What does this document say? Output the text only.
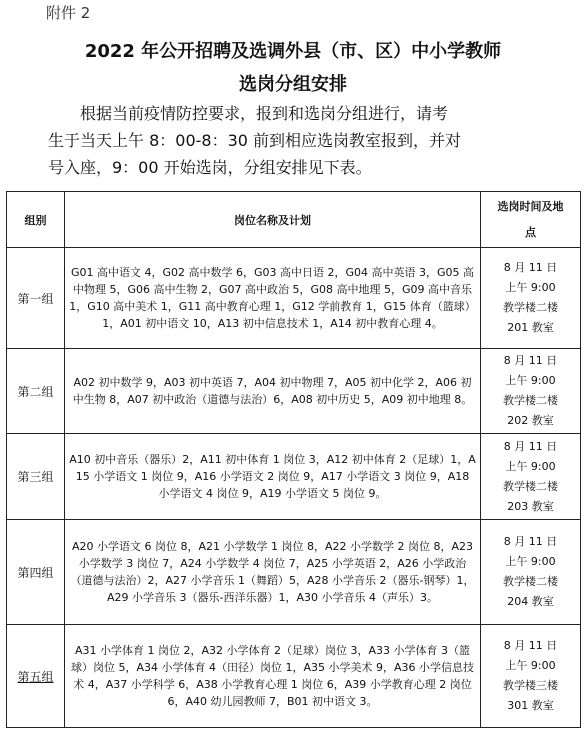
附件 2
2022 年公开招聘及选调外县（市、区）中小学教师
选岗分组安排
根据当前疫情防控要求，报到和选岗分组进行，请考
生于当天上午 8：00-8：30 前到相应选岗教室报到，并对
号入座，9：00 开始选岗，分组安排见下表。
组别	岗位名称及计划	选岗时间及地
点

第一组	G01 高中语文 4，G02 高中数学 6，G03 高中日语 2，G04 高中英语 3，G05 高中物理 5，G06 高中生物 2，G07 高中政治 5，G08 高中地理 5，G09 高中音乐 1，G10 高中美术 1，G11 高中教育心理 1，G12 学前教育 1，G15 体育（篮球）1，A01 初中语文 10，A13 初中信息技术 1，A14 初中教育心理 4。	8 月 11 日
上午 9:00
教学楼二楼
201 教室

第二组	A02 初中数学 9，A03 初中英语 7，A04 初中物理 7，A05 初中化学 2，A06 初中生物 8，A07 初中政治（道德与法治）6，A08 初中历史 5，A09 初中地理 8。	8 月 11 日
上午 9:00
教学楼二楼
202 教室

第三组	A10 初中音乐（器乐）2，A11 初中体育 1 岗位 3，A12 初中体育 2（足球）1，A15 小学语文 1 岗位 9，A16 小学语文 2 岗位 9，A17 小学语文 3 岗位 9，A18 小学语文 4 岗位 9，A19 小学语文 5 岗位 9。	8 月 11 日
上午 9:00
教学楼二楼
203 教室

第四组	A20 小学语文 6 岗位 8，A21 小学数学 1 岗位 8，A22 小学数学 2 岗位 8，A23 小学数学 3 岗位 7，A24 小学数学 4 岗位 7，A25 小学英语 2，A26 小学政治（道德与法治）2，A27 小学音乐 1（舞蹈）5，A28 小学音乐 2（器乐-钢琴）1，A29 小学音乐 3（器乐-西洋乐器）1，A30 小学音乐 4（声乐）3。	8 月 11 日
上午 9:00
教学楼二楼
204 教室

第五组	A31 小学体育 1 岗位 2，A32 小学体育 2（足球）岗位 3，A33 小学体育 3（篮球）岗位 5，A34 小学体育 4（田径）岗位 1，A35 小学美术 9，A36 小学信息技术 4，A37 小学科学 6，A38 小学教育心理 1 岗位 6，A39 小学教育心理 2 岗位 6，A40 幼儿园教师 7，B01 初中语文 3。	8 月 11 日
上午 9:00
教学楼三楼
301 教室
